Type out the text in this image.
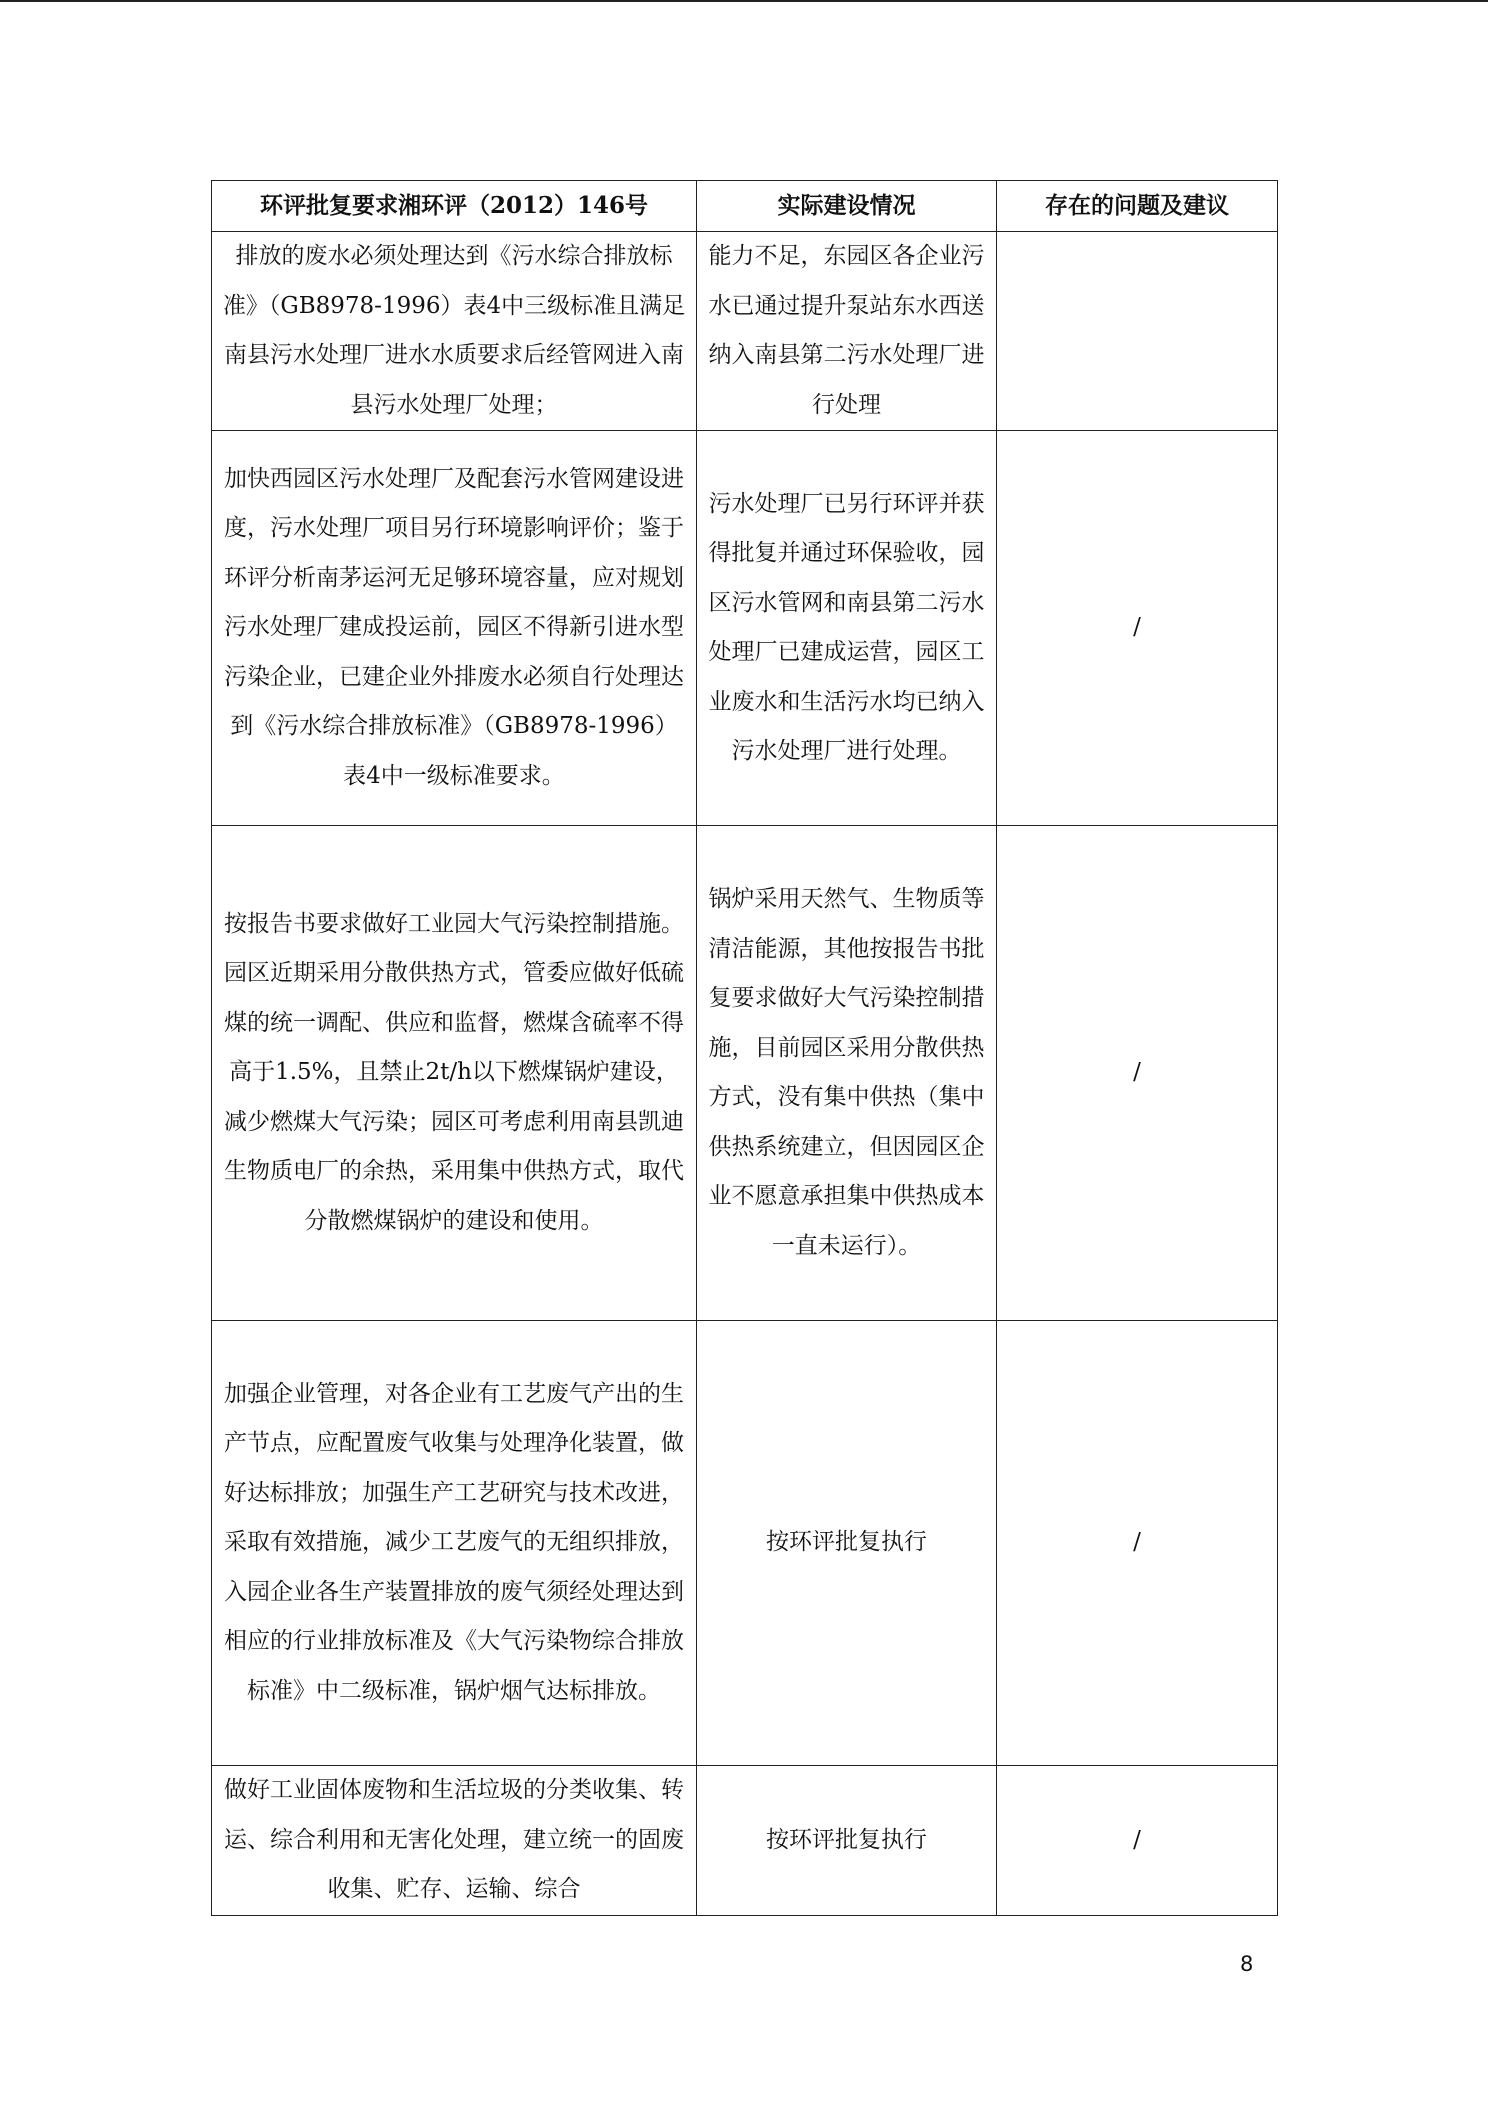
环评批复要求湘环评（2012）146号	实际建设情况	存在的问题及建议
排放的废水必须处理达到《污水综合排放标准》（GB8978-1996）表4中三级标准且满足南县污水处理厂进水水质要求后经管网进入南县污水处理厂处理；	能力不足，东园区各企业污水已通过提升泵站东水西送纳入南县第二污水处理厂进行处理	
加快西园区污水处理厂及配套污水管网建设进度，污水处理厂项目另行环境影响评价；鉴于环评分析南茅运河无足够环境容量，应对规划污水处理厂建成投运前，园区不得新引进水型污染企业，已建企业外排废水必须自行处理达到《污水综合排放标准》（GB8978-1996）表4中一级标准要求。	污水处理厂已另行环评并获得批复并通过环保验收，园区污水管网和南县第二污水处理厂已建成运营，园区工业废水和生活污水均已纳入污水处理厂进行处理。	/
按报告书要求做好工业园大气污染控制措施。园区近期采用分散供热方式，管委应做好低硫煤的统一调配、供应和监督，燃煤含硫率不得高于1.5%，且禁止2t/h以下燃煤锅炉建设，减少燃煤大气污染；园区可考虑利用南县凯迪生物质电厂的余热，采用集中供热方式，取代分散燃煤锅炉的建设和使用。	锅炉采用天然气、生物质等清洁能源，其他按报告书批复要求做好大气污染控制措施，目前园区采用分散供热方式，没有集中供热（集中供热系统建立，但因园区企业不愿意承担集中供热成本一直未运行）。	/
加强企业管理，对各企业有工艺废气产出的生产节点，应配置废气收集与处理净化装置，做好达标排放；加强生产工艺研究与技术改进，采取有效措施，减少工艺废气的无组织排放，入园企业各生产装置排放的废气须经处理达到相应的行业排放标准及《大气污染物综合排放标准》中二级标准，锅炉烟气达标排放。	按环评批复执行	/
做好工业固体废物和生活垃圾的分类收集、转运、综合利用和无害化处理，建立统一的固废收集、贮存、运输、综合	按环评批复执行	/
8
